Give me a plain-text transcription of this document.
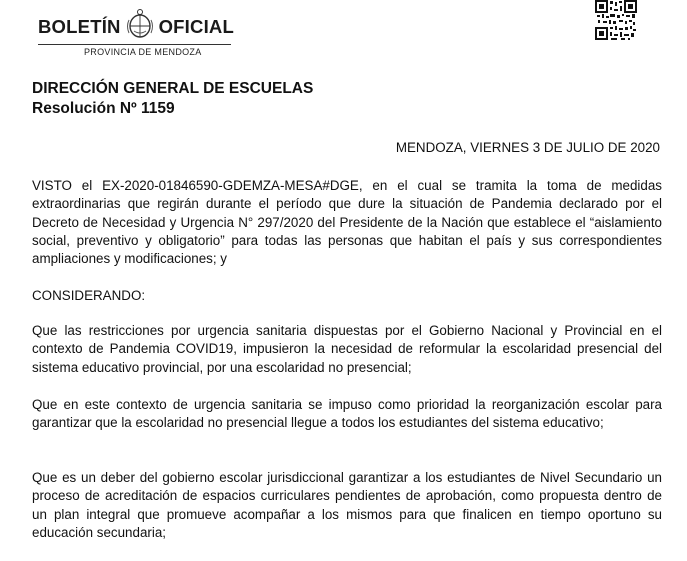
BOLETÍN OFICIAL
PROVINCIA DE MENDOZA
DIRECCIÓN GENERAL DE ESCUELAS
Resolución Nº 1159
MENDOZA, VIERNES 3 DE JULIO DE 2020

VISTO el EX-2020-01846590-GDEMZA-MESA#DGE, en el cual se tramita la toma de medidas extraordinarias que regirán durante el período que dure la situación de Pandemia declarado por el Decreto de Necesidad y Urgencia N° 297/2020 del Presidente de la Nación que establece el “aislamiento social, preventivo y obligatorio” para todas las personas que habitan el país y sus correspondientes ampliaciones y modificaciones; y

CONSIDERANDO:

Que las restricciones por urgencia sanitaria dispuestas por el Gobierno Nacional y Provincial en el contexto de Pandemia COVID19, impusieron la necesidad de reformular la escolaridad presencial del sistema educativo provincial, por una escolaridad no presencial;

Que en este contexto de urgencia sanitaria se impuso como prioridad la reorganización escolar para garantizar que la escolaridad no presencial llegue a todos los estudiantes del sistema educativo;

Que es un deber del gobierno escolar jurisdiccional garantizar a los estudiantes de Nivel Secundario un proceso de acreditación de espacios curriculares pendientes de aprobación, como propuesta dentro de un plan integral que promueve acompañar a los mismos para que finalicen en tiempo oportuno su educación secundaria;
